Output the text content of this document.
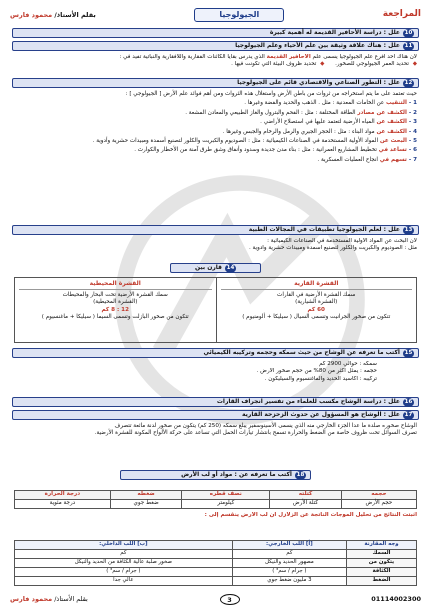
المراجعة
الجيولوجيا
بقلم الأستاذ/ محمود فارس
10
علل : دراسة الأحافير القديمة له أهمية كبيرة
11
علل : هناك علاقة وثيقة بين علم الأحياء وعلم الجيولوجيا
لأن هناك أحد أفرع علم الجيولوجيا يسمى علم الأحافير القديمة الذي يدرس بقايا الكائنات الفقارية واللافقارية والنباتية تفيد في :
◆ تحديد العمر الجيولوجي للصخور.      ◆ تحديد ظروف البيئة التي تكونت فيها .
12
علل : التطور الصناعي والاقتصادي قائم على الجيولوجيا
حيث تعتمد على ما يتم استخراجه من ثروات من باطن الأرض واستغلال هذه الثروات ومن أهم فوائد علم الأرض [ الجيولوجي ] :
1 - التنقيب عن الخامات المعدنية : مثل . الذهب والحديد والفضة وغيرها .
2 - الكشف عن مصادر الطاقة المختلفة : مثل : الفحم والبترول والغاز الطبيعي والمعادن المشعة .
3 - الكشف عن المياه الأرضية لتعتمد عليها في استصلاح الأراضي .
4 - الكشف عن مواد البناء : مثل : الحجر الجيري والرمل والرخام والجبس وغيرها .
5 - البحث عن المواد الأولية المستخدمة في الصناعات الكيميائية : مثل : الصوديوم والكبريت والكلور لتصنيع أسمدة ومبيدات حشرية وأدوية .
6 - تساعد في تخطيط المشاريع العمرانية : مثل : بناء مدن جديدة وسدود وأنفاق وشق طرق آمنة من الأخطار والكوارث .
7 - تسهم في انجاح العمليات العسكرية .
13
علل : لعلم الجيولوجيا تطبيقات في المجالات الطبية
لأن البحث عن المواد الأولية المستخدمة في الصناعات الكيميائية :
مثل : الصوديوم والكبريت والكلور لتصنيع أسمدة ومبيدات حشرية وأدوية .
14
قارن بين
القشرة القارية
سمك القشرة الأرضية في القارات
(القشرة الشيارية)
60 كم
تتكون من صخور الجرانيت وتسمى السيال ( سيليكا + ألومنيوم )
القشرة المحيطية
سمك القشرة الأرضية تحت البحار والمحيطات
(القشرة المحيطية)
12 : 8 كم
تتكون من صخور البازلت وتسمى السيما ( سيليكا + ماغنسيوم )
15
أكتب ما تعرفه عن الوشاح من حيث سمكه وحجمه وتركيبه الكيميائي
سمكه : حوالي 2900 كم
حجمه : يمثل أكثر من 80% من حجم صخور الأرض .
تركيبه : أكاسيد الحديد والماغنسيوم والسيليكون .
16
علل : دراسة الوشاح مكسب للعلماء من تفسير انجراف القارات
17
علل : الوشاح هو المسؤول عن حدوث الزحزحة القارية
الوشاح صخوره صلدة ما عدا الجزء الخارجي منه الذي يسمى الأسينوسفير يبلغ سمكه (250 كم) يتكون من صخور لدنة مائعة تتصرف
تصرف السوائل تحت ظروف خاصة من الضغط والحرارة تسمح بانتشار تيارات الحمل التي تساعد على حركة الألواح المكونة للقشرة الأرضية.
18
أكتب ما تعرفه عن : مواد أو لب الأرض
حجمه	كتلته	نصف قطره	ضغطه	درجة الحرارة
حجم الأرض	كتلة الأرض	كيلومتر	ضغط جوي	درجة مئوية
أثبتت النتائج من تحليل الموجات الناتجة عن الزلازل أن لب الأرض ينقسم إلى :
وجه المقارنة	[أ] اللب الخارجي:	[ب] اللب الداخلي:
السمك	كم	كم
يتكون من	مصهور الحديد والنيكل	صخور صلبة عالية الكثافة من الحديد والنيكل
الكثافة	( جرام / سم³ )	( جرام / سم³ )
الضغط	3 مليون ضغط جوي	عالي جدا
01114002300
3
بقلم الأستاذ/ محمود فارس
